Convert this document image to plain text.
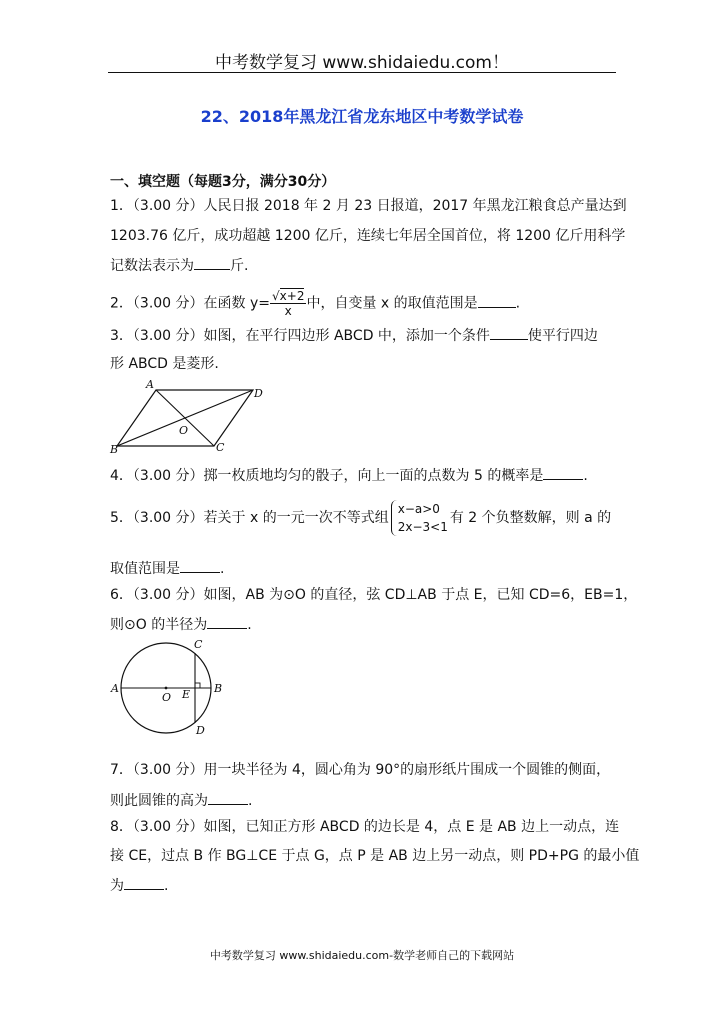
中考数学复习 www.shidaiedu.com！
22、2018年黑龙江省龙东地区中考数学试卷
一、填空题（每题3分，满分30分）
1．（3.00 分）人民日报 2018 年 2 月 23 日报道，2017 年黑龙江粮食总产量达到
1203.76 亿斤，成功超越 1200 亿斤，连续七年居全国首位，将 1200 亿斤用科学
记数法表示为	斤.
2．（3.00 分）在函数 $y= \frac{√x+2}{x}$ 中，自变量 x 的取值范围是	.
3．（3.00 分）如图，在平行四边形 ABCD 中，添加一个条件	使平行四边
形 ABCD 是菱形.
A
D
B	C
O
4．（3.00 分）掷一枚质地均匀的骰子，向上一面的点数为 5 的概率是	.
5．（3.00 分）若关于 x 的一元一次不等式组
x−a>0
2x−3<1
有 2 个负整数解，则 a 的
取值范围是	.
6．（3.00 分）如图，AB 为⊙O 的直径，弦 CD⊥AB 于点 E，已知 CD=6，EB=1，
则⊙O 的半径为	.
A	B
C
D
O E
7．（3.00 分）用一块半径为 4，圆心角为 90°的扇形纸片围成一个圆锥的侧面，
则此圆锥的高为	.
8．（3.00 分）如图，已知正方形 ABCD 的边长是 4，点 E 是 AB 边上一动点，连
接 CE，过点 B 作 BG⊥CE 于点 G，点 P 是 AB 边上另一动点，则 PD+PG 的最小值
为	.
中考数学复习 www.shidaiedu.com-数学老师自己的下载网站
